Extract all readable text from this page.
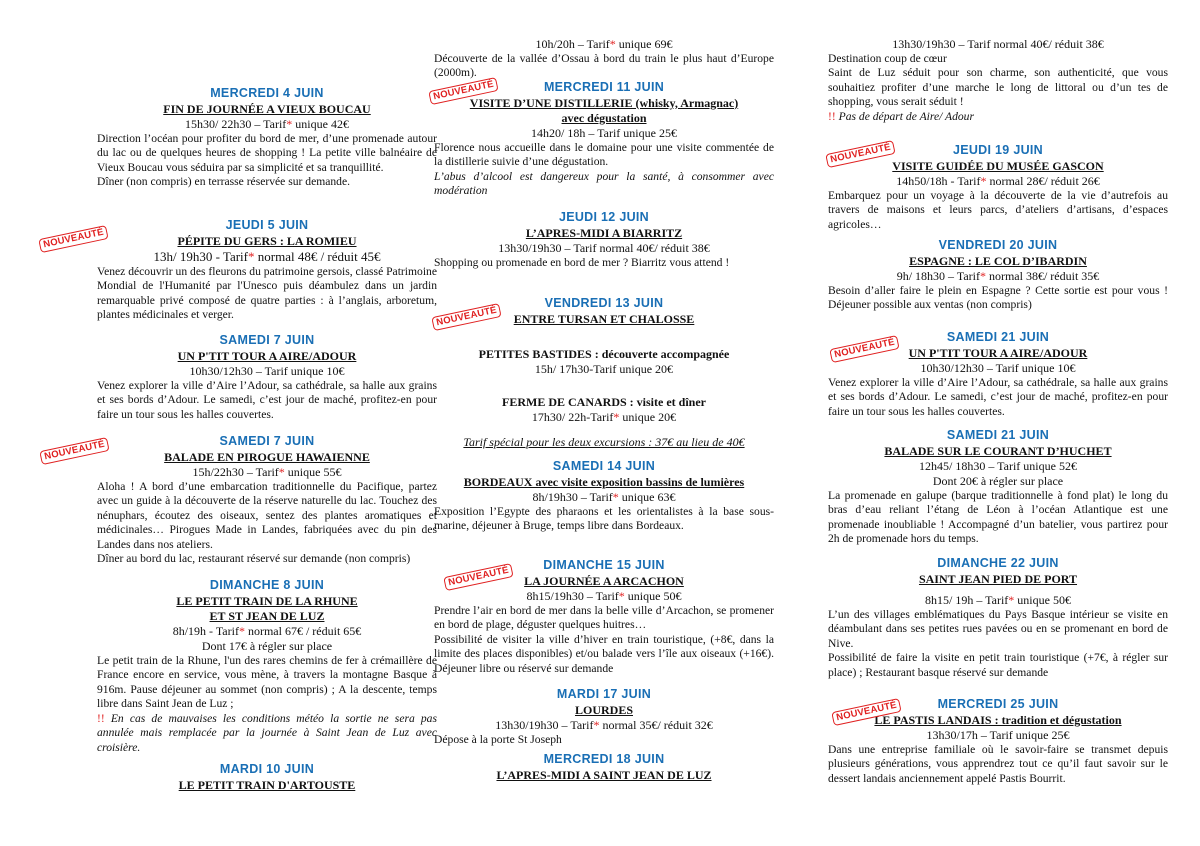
MERCREDI 4 JUIN
FIN DE JOURNÉE A VIEUX BOUCAU
15h30/ 22h30 – Tarif* unique 42€

Direction l’océan pour profiter du bord de mer, d’une promenade autour du lac ou de quelques heures de shopping ! La petite ville balnéaire de Vieux Boucau vous séduira par sa simplicité et sa tranquillité.

Dîner (non compris) en terrasse réservée sur demande.

NOUVEAUTÉ
JEUDI 5 JUIN
PÉPITE DU GERS : LA ROMIEU
13h/ 19h30 - Tarif* normal 48€ / réduit 45€

Venez découvrir un des fleurons du patrimoine gersois, classé Patrimoine Mondial de l'Humanité par l'Unesco puis déambulez dans un jardin remarquable privé composé de quatre parties : à l’anglais, arboretum, plantes médicinales et verger.

SAMEDI 7 JUIN
UN P'TIT TOUR A AIRE/ADOUR
10h30/12h30 – Tarif unique 10€

Venez explorer la ville d’Aire l’Adour, sa cathédrale, sa halle aux grains et ses bords d’Adour. Le samedi, c’est jour de maché, profitez-en pour faire un tour sous les halles couvertes.

NOUVEAUTÉ	SAMEDI 7 JUIN
BALADE EN PIROGUE HAWAIENNE
15h/22h30 – Tarif* unique 55€

Aloha ! A bord d’une embarcation traditionnelle du Pacifique, partez avec un guide à la découverte de la réserve naturelle du lac. Touchez des nénuphars, écoutez des oiseaux, sentez des plantes aromatiques et médicinales… Pirogues Made in Landes, fabriquées avec du pin des Landes dans nos ateliers.

Dîner au bord du lac, restaurant réservé sur demande (non compris)

DIMANCHE 8 JUIN
LE PETIT TRAIN DE LA RHUNE
ET ST JEAN DE LUZ
8h/19h - Tarif* normal 67€ / réduit 65€
Dont 17€ à régler sur place

Le petit train de la Rhune, l'un des rares chemins de fer à crémaillère de France encore en service, vous mène, à travers la montagne Basque à 916m. Pause déjeuner au sommet (non compris) ; A la descente, temps libre dans Saint Jean de Luz ;

!! En cas de mauvaises les conditions météo la sortie ne sera pas annulée mais remplacée par la journée à Saint Jean de Luz avec croisière.

MARDI 10 JUIN
LE PETIT TRAIN D'ARTOUSTE
10h/20h – Tarif* unique 69€

Découverte de la vallée d’Ossau à bord du train le plus haut d’Europe (2000m).

NOUVEAUTÉ	MERCREDI 11 JUIN
VISITE D’UNE DISTILLERIE (whisky, Armagnac)
avec dégustation
14h20/ 18h – Tarif unique 25€

Florence nous accueille dans le domaine pour une visite commentée de la distillerie suivie d’une dégustation.

L’abus d’alcool est dangereux pour la santé, à consommer avec modération

JEUDI 12 JUIN
L’APRES-MIDI A BIARRITZ
13h30/19h30 – Tarif normal 40€/ réduit 38€

Shopping ou promenade en bord de mer ? Biarritz vous attend !

NOUVEAUTÉ
VENDREDI 13 JUIN
ENTRE TURSAN ET CHALOSSE
PETITES BASTIDES : découverte accompagnée
15h/ 17h30-Tarif unique 20€
FERME DE CANARDS : visite et dîner
17h30/ 22h-Tarif* unique 20€
Tarif spécial pour les deux excursions : 37€ au lieu de 40€
SAMEDI 14 JUIN
BORDEAUX avec visite exposition bassins de lumières
8h/19h30 – Tarif* unique 63€

Exposition l’Egypte des pharaons et les orientalistes à la base sous-marine, déjeuner à Bruge, temps libre dans Bordeaux.

NOUVEAUTÉ	DIMANCHE 15 JUIN
LA JOURNÉE A ARCACHON
8h15/19h30 – Tarif* unique 50€

Prendre l’air en bord de mer dans la belle ville d’Arcachon, se promener en bord de plage, déguster quelques huitres…

Possibilité de visiter la ville d’hiver en train touristique, (+8€, dans la limite des places disponibles) et/ou balade vers l’île aux oiseaux (+16€). Déjeuner libre ou réservé sur demande

MARDI 17 JUIN
LOURDES
13h30/19h30 – Tarif* normal 35€/ réduit 32€

Dépose à la porte St Joseph

MERCREDI 18 JUIN
L’APRES-MIDI A SAINT JEAN DE LUZ
13h30/19h30 – Tarif normal 40€/ réduit 38€

Destination coup de cœur

Saint de Luz séduit pour son charme, son authenticité, que vous souhaitiez profiter d’une marche le long de littoral ou d’un tes de shopping, vous serait séduit !

!! Pas de départ de Aire/ Adour

NOUVEAUTÉ	JEUDI 19 JUIN
VISITE GUIDÉE DU MUSÉE GASCON
14h50/18h - Tarif* normal 28€/ réduit 26€

Embarquez pour un voyage à la découverte de la vie d’autrefois au travers de maisons et leurs parcs, d’ateliers d’artisans, d’espaces agricoles…

VENDREDI 20 JUIN
ESPAGNE : LE COL D’IBARDIN
9h/ 18h30 – Tarif* normal 38€/ réduit 35€

Besoin d’aller faire le plein en Espagne ? Cette sortie est pour vous ! Déjeuner possible aux ventas (non compris)

NOUVEAUTÉ	SAMEDI 21 JUIN
UN P'TIT TOUR A AIRE/ADOUR
10h30/12h30 – Tarif unique 10€

Venez explorer la ville d’Aire l’Adour, sa cathédrale, sa halle aux grains et ses bords d’Adour. Le samedi, c’est jour de maché, profitez-en pour faire un tour sous les halles couvertes.

SAMEDI 21 JUIN
BALADE SUR LE COURANT D’HUCHET
12h45/ 18h30 – Tarif unique 52€
Dont 20€ à régler sur place

La promenade en galupe (barque traditionnelle à fond plat) le long du bras d’eau reliant l’étang de Léon à l’océan Atlantique est une promenade inoubliable ! Accompagné d’un batelier, vous partirez pour 2h de promenade hors du temps.

DIMANCHE 22 JUIN
SAINT JEAN PIED DE PORT
8h15/ 19h – Tarif* unique 50€

L’un des villages emblématiques du Pays Basque intérieur se visite en déambulant dans ses petites rues pavées ou en se promenant en bord de Nive.

Possibilité de faire la visite en petit train touristique (+7€, à régler sur place) ; Restaurant basque réservé sur demande

NOUVEAUTÉ	MERCREDI 25 JUIN
LE PASTIS LANDAIS : tradition et dégustation
13h30/17h – Tarif unique 25€

Dans une entreprise familiale où le savoir-faire se transmet depuis plusieurs générations, vous apprendrez tout ce qu’il faut savoir sur le dessert landais anciennement appelé Pastis Bourrit.
